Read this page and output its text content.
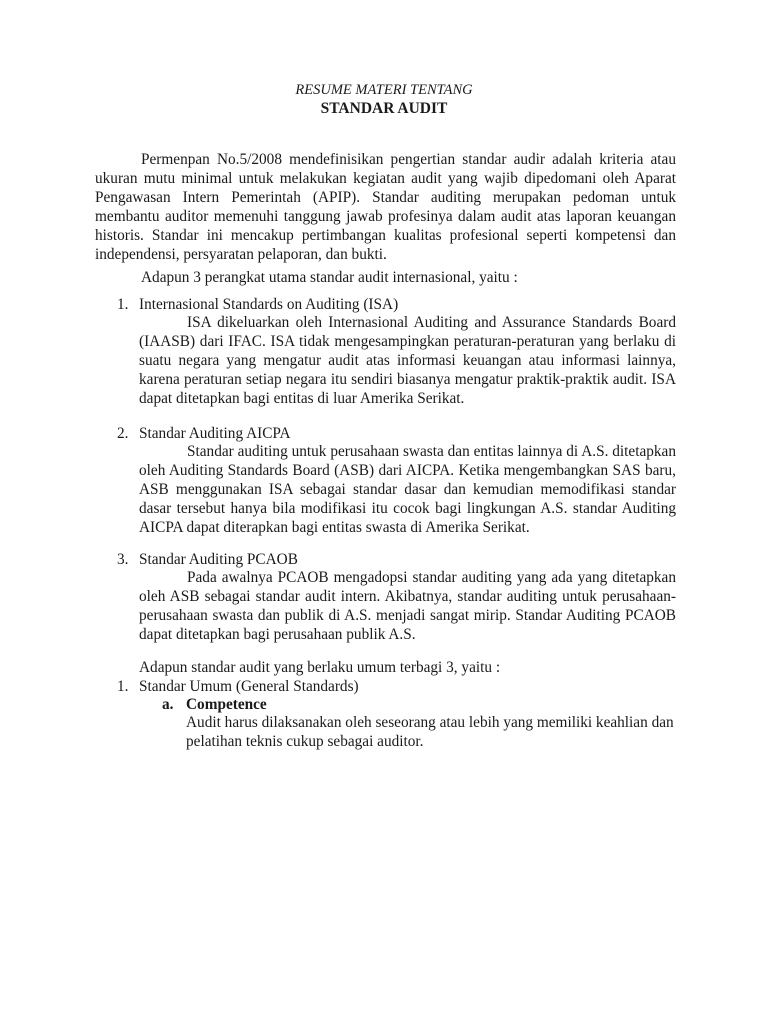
RESUME MATERI TENTANG
STANDAR AUDIT

Permenpan No.5/2008 mendefinisikan pengertian standar audir adalah kriteria atau ukuran mutu minimal untuk melakukan kegiatan audit yang wajib dipedomani oleh Aparat Pengawasan Intern Pemerintah (APIP). Standar auditing merupakan pedoman untuk membantu auditor memenuhi tanggung jawab profesinya dalam audit atas laporan keuangan historis. Standar ini mencakup pertimbangan kualitas profesional seperti kompetensi dan independensi, persyaratan pelaporan, dan bukti.

Adapun 3 perangkat utama standar audit internasional, yaitu :

1. Internasional Standards on Auditing (ISA)

ISA dikeluarkan oleh Internasional Auditing and Assurance Standards Board (IAASB) dari IFAC. ISA tidak mengesampingkan peraturan-peraturan yang berlaku di suatu negara yang mengatur audit atas informasi keuangan atau informasi lainnya, karena peraturan setiap negara itu sendiri biasanya mengatur praktik-praktik audit. ISA dapat ditetapkan bagi entitas di luar Amerika Serikat.

2. Standar Auditing AICPA

Standar auditing untuk perusahaan swasta dan entitas lainnya di A.S. ditetapkan oleh Auditing Standards Board (ASB) dari AICPA. Ketika mengembangkan SAS baru, ASB menggunakan ISA sebagai standar dasar dan kemudian memodifikasi standar dasar tersebut hanya bila modifikasi itu cocok bagi lingkungan A.S. standar Auditing AICPA dapat diterapkan bagi entitas swasta di Amerika Serikat.

3. Standar Auditing PCAOB

Pada awalnya PCAOB mengadopsi standar auditing yang ada yang ditetapkan oleh ASB sebagai standar audit intern. Akibatnya, standar auditing untuk perusahaan-perusahaan swasta dan publik di A.S. menjadi sangat mirip. Standar Auditing PCAOB dapat ditetapkan bagi perusahaan publik A.S.

Adapun standar audit yang berlaku umum terbagi 3, yaitu :

1. Standar Umum (General Standards)
a. Competence

Audit harus dilaksanakan oleh seseorang atau lebih yang memiliki keahlian dan pelatihan teknis cukup sebagai auditor.
